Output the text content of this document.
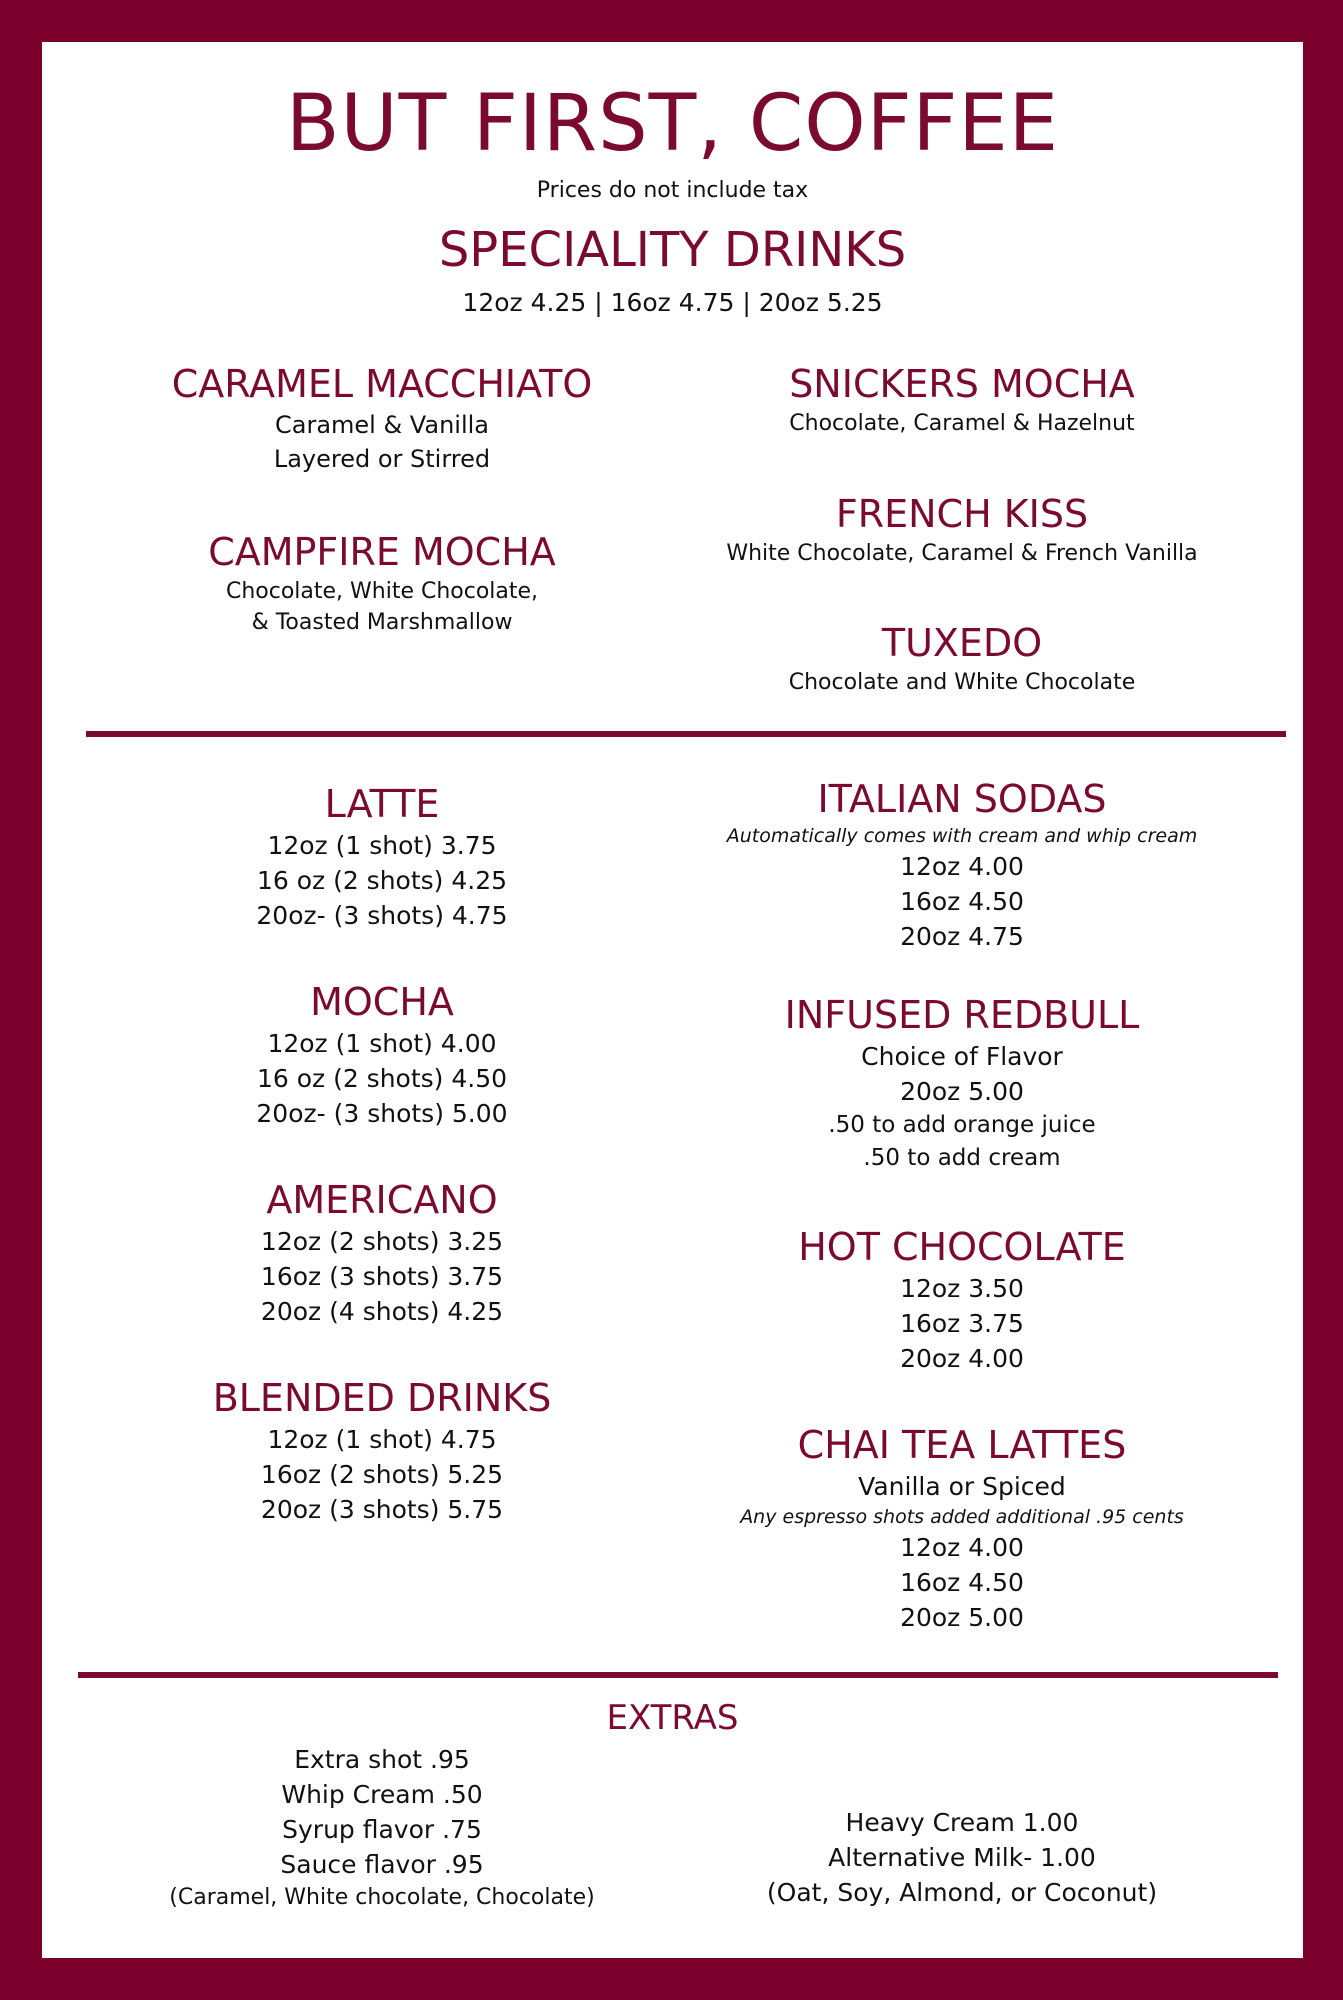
BUT FIRST, COFFEE
Prices do not include tax
SPECIALITY DRINKS
12oz 4.25 | 16oz 4.75 | 20oz 5.25
CARAMEL MACCHIATO
Caramel & Vanilla
Layered or Stirred
CAMPFIRE MOCHA
Chocolate, White Chocolate,
& Toasted Marshmallow
SNICKERS MOCHA
Chocolate, Caramel & Hazelnut
FRENCH KISS
White Chocolate, Caramel & French Vanilla
TUXEDO
Chocolate and White Chocolate
LATTE
12oz (1 shot) 3.75
16 oz (2 shots) 4.25
20oz- (3 shots) 4.75
MOCHA
12oz (1 shot) 4.00
16 oz (2 shots) 4.50
20oz- (3 shots) 5.00
AMERICANO
12oz (2 shots) 3.25
16oz (3 shots) 3.75
20oz (4 shots) 4.25
BLENDED DRINKS
12oz (1 shot) 4.75
16oz (2 shots) 5.25
20oz (3 shots) 5.75
ITALIAN SODAS
Automatically comes with cream and whip cream
12oz 4.00
16oz 4.50
20oz 4.75
INFUSED REDBULL
Choice of Flavor
20oz 5.00
.50 to add orange juice
.50 to add cream
HOT CHOCOLATE
12oz 3.50
16oz 3.75
20oz 4.00
CHAI TEA LATTES
Vanilla or Spiced
Any espresso shots added additional .95 cents
12oz 4.00
16oz 4.50
20oz 5.00
EXTRAS
Extra shot .95
Whip Cream .50
Syrup flavor .75
Sauce flavor .95
(Caramel, White chocolate, Chocolate)
Heavy Cream 1.00
Alternative Milk- 1.00
(Oat, Soy, Almond, or Coconut)
